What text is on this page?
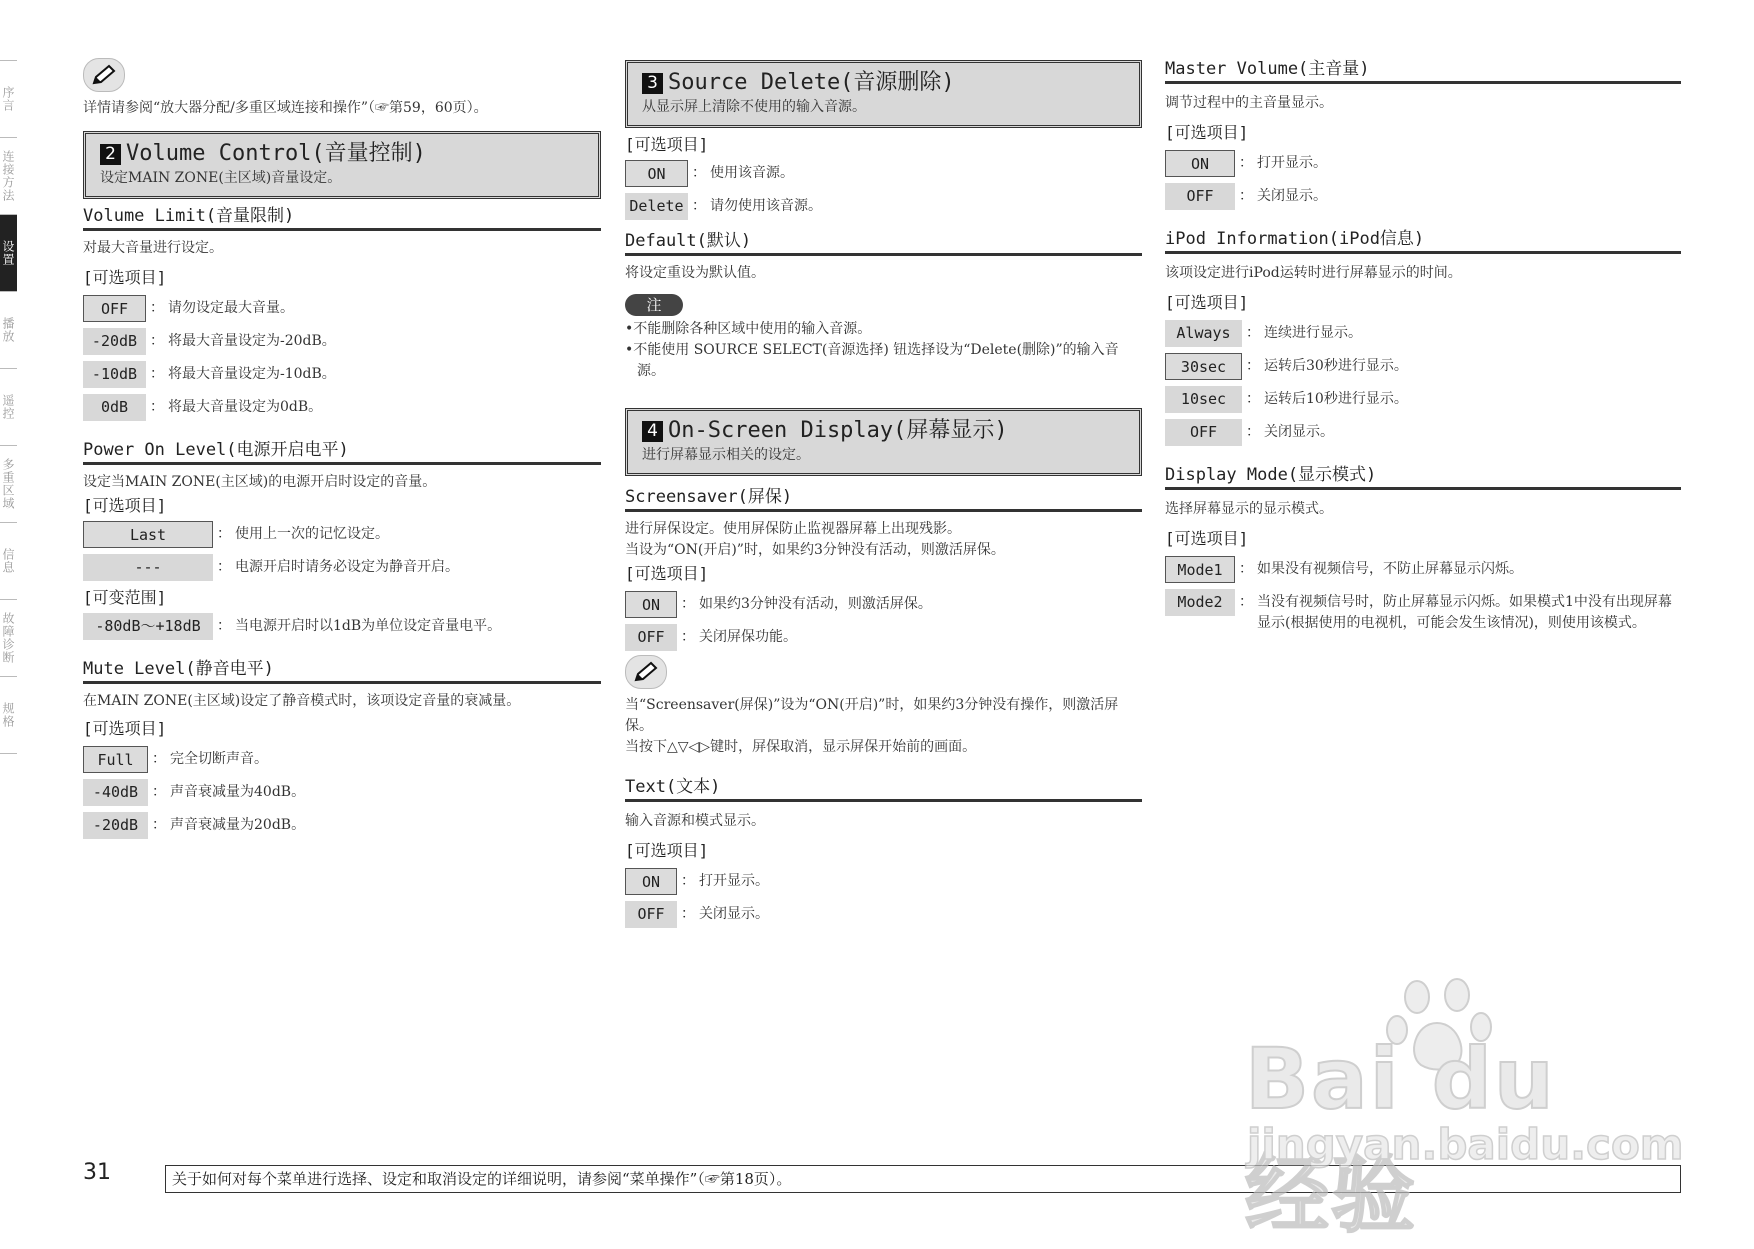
序言
连接方法
设置
播放
遥控
多重区域
信息
故障诊断
规格

详情请参阅“放大器分配/多重区域连接和操作”（☞第59，60页）。

2 Volume Control(音量控制)
设定MAIN ZONE(主区域)音量设定。
Volume Limit(音量限制)

对最大音量进行设定。

[可选项目]
OFF	： 请勿设定最大音量。
-20dB ： 将最大音量设定为-20dB。
-10dB ： 将最大音量设定为-10dB。
0dB	： 将最大音量设定为0dB。
Power On Level(电源开启电平)

设定当MAIN ZONE(主区域)的电源开启时设定的音量。

[可选项目]
Last	： 使用上一次的记忆设定。
---	： 电源开启时请务必设定为静音开启。
[可变范围]
-80dB～+18dB	： 当电源开启时以1dB为单位设定音量电平。
Mute Level(静音电平)

在MAIN ZONE(主区域)设定了静音模式时，该项设定音量的衰减量。

[可选项目]
Full	： 完全切断声音。
-40dB ： 声音衰减量为40dB。
-20dB ： 声音衰减量为20dB。
3 Source Delete(音源删除)
从显示屏上清除不使用的输入音源。
[可选项目]
ON	： 使用该音源。
Delete ： 请勿使用该音源。
Default(默认)

将设定重设为默认值。

注
•不能删除各种区域中使用的输入音源。
•不能使用 SOURCE SELECT(音源选择) 钮选择设为“Delete(删除)”的输入音源。
4 On-Screen Display(屏幕显示)
进行屏幕显示相关的设定。
Screensaver(屏保)

进行屏保设定。使用屏保防止监视器屏幕上出现残影。

当设为“ON(开启)”时，如果约3分钟没有活动，则激活屏保。

[可选项目]
ON	： 如果约3分钟没有活动，则激活屏保。
OFF	： 关闭屏保功能。

当“Screensaver(屏保)”设为“ON(开启)”时，如果约3分钟没有操作，则激活屏保。

当按下△▽◁▷键时，屏保取消，显示屏保开始前的画面。

Text(文本)

输入音源和模式显示。

[可选项目]
ON	： 打开显示。
OFF	： 关闭显示。
Master Volume(主音量)

调节过程中的主音量显示。

[可选项目]
ON	： 打开显示。
OFF	： 关闭显示。
iPod Information(iPod信息)

该项设定进行iPod运转时进行屏幕显示的时间。

[可选项目]
Always	： 连续进行显示。
30sec	： 运转后30秒进行显示。
10sec	： 运转后10秒进行显示。
OFF	： 关闭显示。
Display Mode(显示模式)

选择屏幕显示的显示模式。

[可选项目]
Mode1	： 如果没有视频信号，不防止屏幕显示闪烁。
Mode2	： 当没有视频信号时，防止屏幕显示闪烁。如果模式1中没有出现屏幕显示(根据使用的电视机，可能会发生该情况)，则使用该模式。
31	关于如何对每个菜单进行选择、设定和取消设定的详细说明，请参阅“菜单操作”（☞第18页）。
Bai du 经验
jingyan.baidu.com
